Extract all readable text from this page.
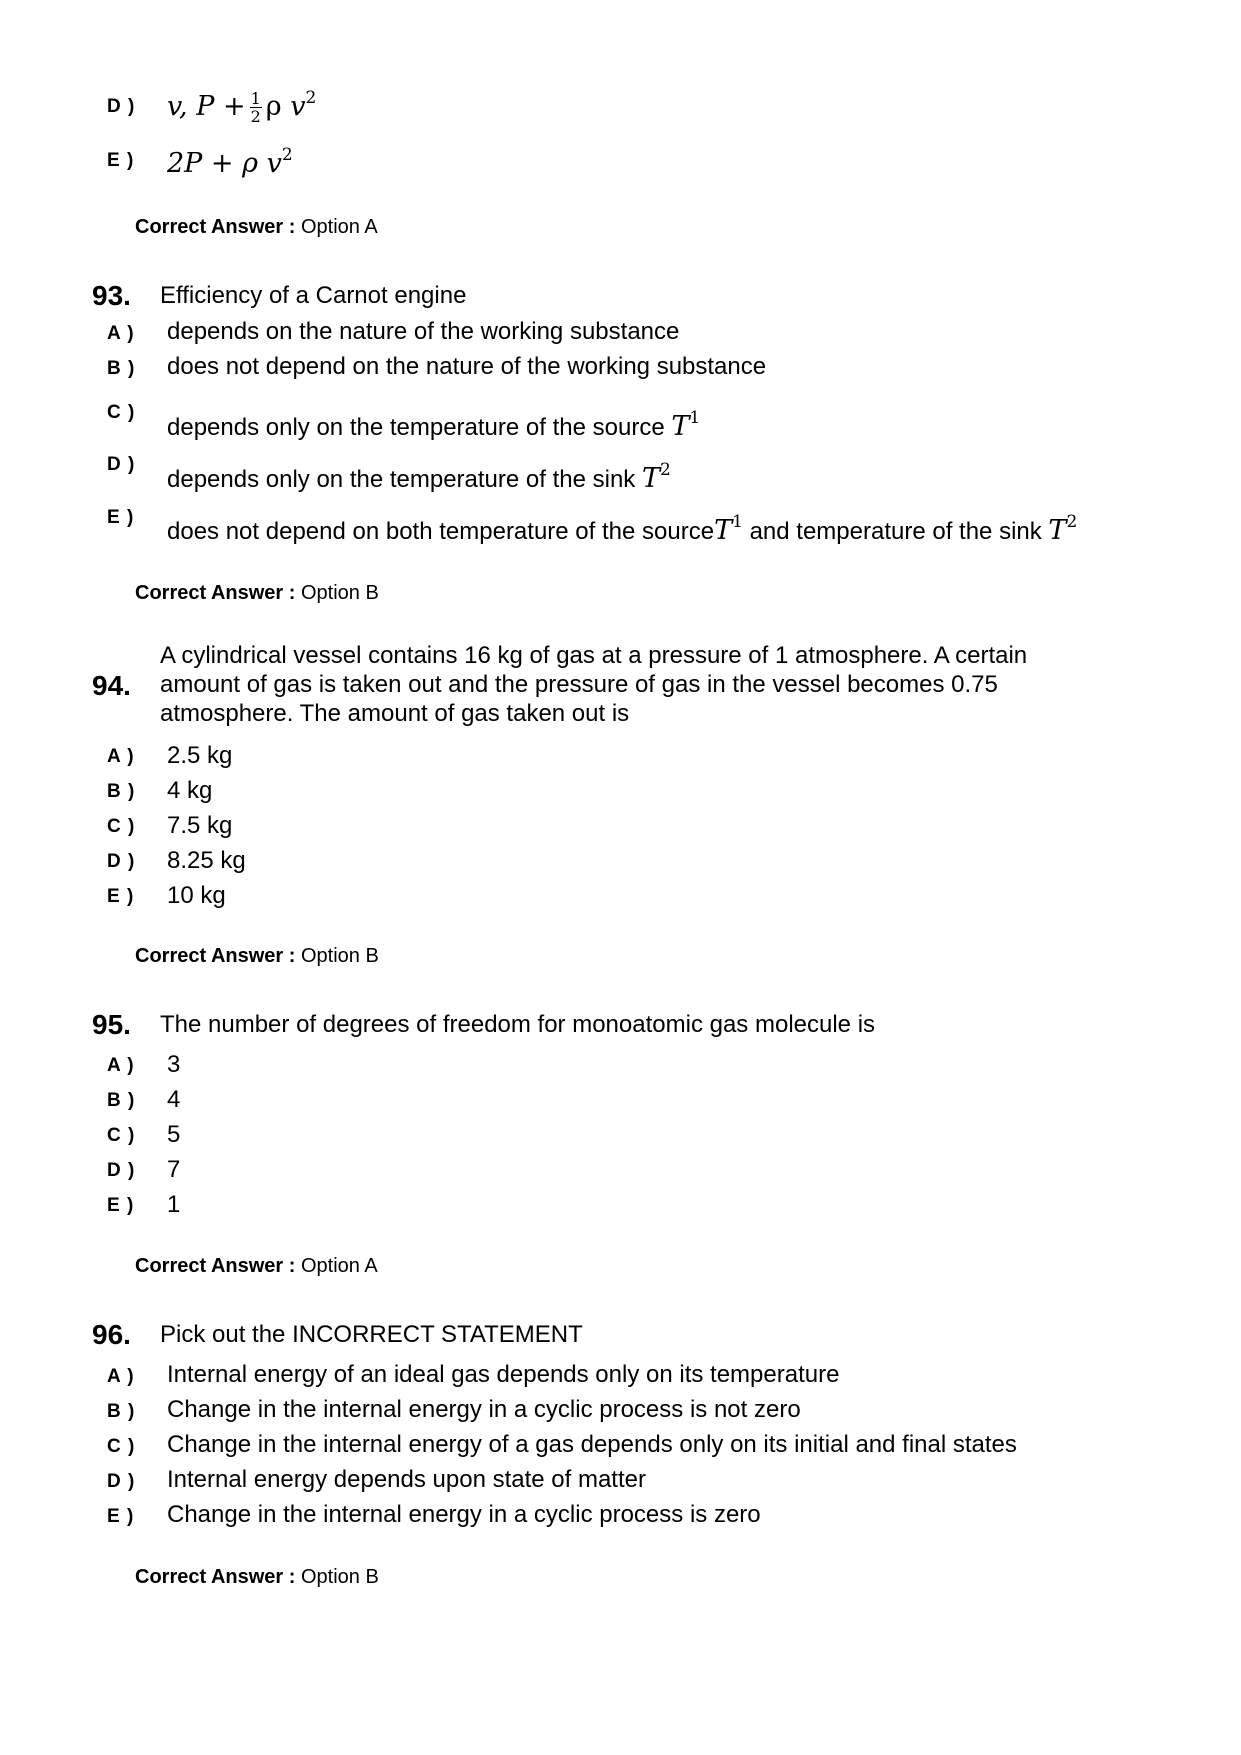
D ) v, $P + \frac{1}{2}$ ρ $v^2$
E ) 2P + ρ $v^2$
Correct Answer : Option A
93. Efficiency of a Carnot engine
A ) depends on the nature of the working substance
B ) does not depend on the nature of the working substance
C )
depends only on the temperature of the source $T^1$
D )
depends only on the temperature of the sink $T^2$
E )
does not depend on both temperature of the sourceT$^1$ and temperature of the sink $T^2$
Correct Answer : Option B
94.
A cylindrical vessel contains 16 kg of gas at a pressure of 1 atmosphere. A certain
amount of gas is taken out and the pressure of gas in the vessel becomes 0.75
atmosphere. The amount of gas taken out is
A ) 2.5 kg
B ) 4 kg
C ) 7.5 kg
D ) 8.25 kg
E ) 10 kg
Correct Answer : Option B
95. The number of degrees of freedom for monoatomic gas molecule is
A ) 3
B ) 4
C ) 5
D ) 7
E ) 1
Correct Answer : Option A
96. Pick out the INCORRECT STATEMENT
A ) Internal energy of an ideal gas depends only on its temperature
B ) Change in the internal energy in a cyclic process is not zero
C ) Change in the internal energy of a gas depends only on its initial and final states
D ) Internal energy depends upon state of matter
E ) Change in the internal energy in a cyclic process is zero
Correct Answer : Option B
